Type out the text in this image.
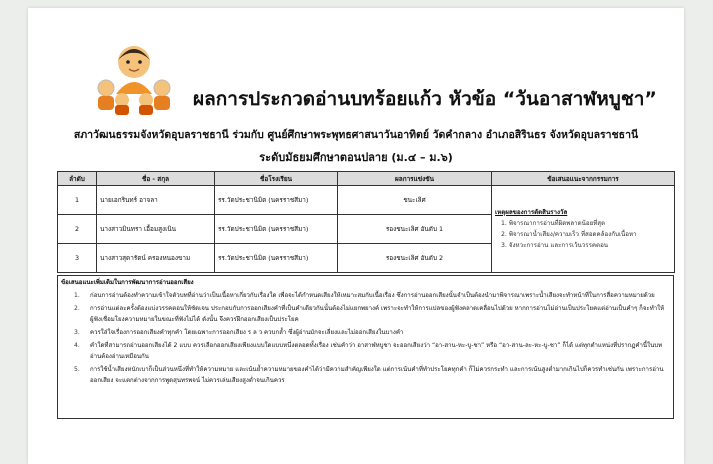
ผลการประกวดอ่านบทร้อยแก้ว หัวข้อ “วันอาสาฬหบูชา”
สภาวัฒนธรรมจังหวัดอุบลราชธานี ร่วมกับ ศูนย์ศึกษาพระพุทธศาสนาวันอาทิตย์ วัดคำกลาง อำเภอสิรินธร จังหวัดอุบลราชธานี
ระดับมัธยมศึกษาตอนปลาย (ม.๔ – ม.๖)
ลำดับ	ชื่อ - สกุล	ชื่อโรงเรียน	ผลการแข่งขัน	ข้อเสนอแนะจากกรรมการ
1	นายเอกรินทร์ อาจลา	รร.วัดประชานิมิต (นครราชสีมา)	ชนะเลิศ	เหตุผลของการตัดสินรางวัล
1. พิจารณาการอ่านที่ผิดพลาดน้อยที่สุด
2. พิจารณาน้ำเสียง/ความเร็ว ที่สอดคล้องกับเนื้อหา
3. จังหวะการอ่าน และการเว้นวรรคตอน

2	นางสาวมินทรา เอื้อมสูงเนิน	รร.วัดประชานิมิต (นครราชสีมา)	รองชนะเลิศ อันดับ 1	
3	นางสาวสุดารัตน์ ครองหนองขาม	รร.วัดประชานิมิต (นครราชสีมา)	รองชนะเลิศ อันดับ 2	
ข้อเสนอแนะเพิ่มเติมในการพัฒนาการอ่านออกเสียง
1.	ก่อนการอ่านต้องทำความเข้าใจตัวบทที่อ่านว่าเป็นเนื้อหาเกี่ยวกับเรื่องใด เพื่อจะได้กำหนดเสียงให้เหมาะสมกับเนื้อเรื่อง ซึ่งการอ่านออกเสียงนั้นจำเป็นต้องนำมาพิจารณาเพราะน้ำเสียงจะทำหน้าที่ในการสื่อความหมายด้วย
2.	การอ่านแต่ละครั้งต้องแบ่งวรรคตอนให้ชัดเจน ประกอบกับการออกเสียงคำที่เป็นคำเดียวกันนั้นต้องไม่แยกพยางค์ เพราะจะทำให้การแปลของผู้ฟังคลาดเคลื่อนไปด้วย หากการอ่านไม่อ่านเป็นประโยคแต่อ่านเป็นคำๆ ก็จะทำให้ผู้ฟังเชื่อมโยงความหมายในขณะที่ฟังไม่ได้ ดังนั้น จึงควรฝึกออกเสียงเป็นประโยค
3.	ควรใส่ใจเรื่องการออกเสียงคำทุกคำ โดยเฉพาะการออกเสียง ร ล ว ควบกล้ำ ซึ่งผู้อ่านมักจะเลี่ยงและไม่ออกเสียงในบางคำ
4.	คำใดที่สามารถอ่านออกเสียงได้ 2 แบบ ควรเลือกออกเสียงเพียงแบบใดแบบหนึ่งตลอดทั้งเรื่อง เช่นคำว่า อาสาฬหบูชา จะออกเสียงว่า “อา-สาน-หะ-บู-ชา” หรือ “อา-สาน-ละ-หะ-บู-ชา” ก็ได้ แต่ทุกตำแหน่งที่ปรากฏคำนี้ในบทอ่านต้องอ่านเหมือนกัน
5.	การใช้น้ำเสียงหนักเบาก็เป็นส่วนหนึ่งที่ทำให้ความหมาย และเน้นย้ำความหมายของคำได้ว่ามีความสำคัญเพียงใด แต่การเน้นคำที่ทำประโยคทุกคำ ก็ไม่ควรกระทำ และการเน้นสูงต่ำมากเกินไปก็ควรทำเช่นกัน เพราะการอ่านออกเสียง จะแตกต่างจากการพูดสุนทรพจน์ ไม่ควรเล่นเสียงสูงต่ำจนเกินควร
